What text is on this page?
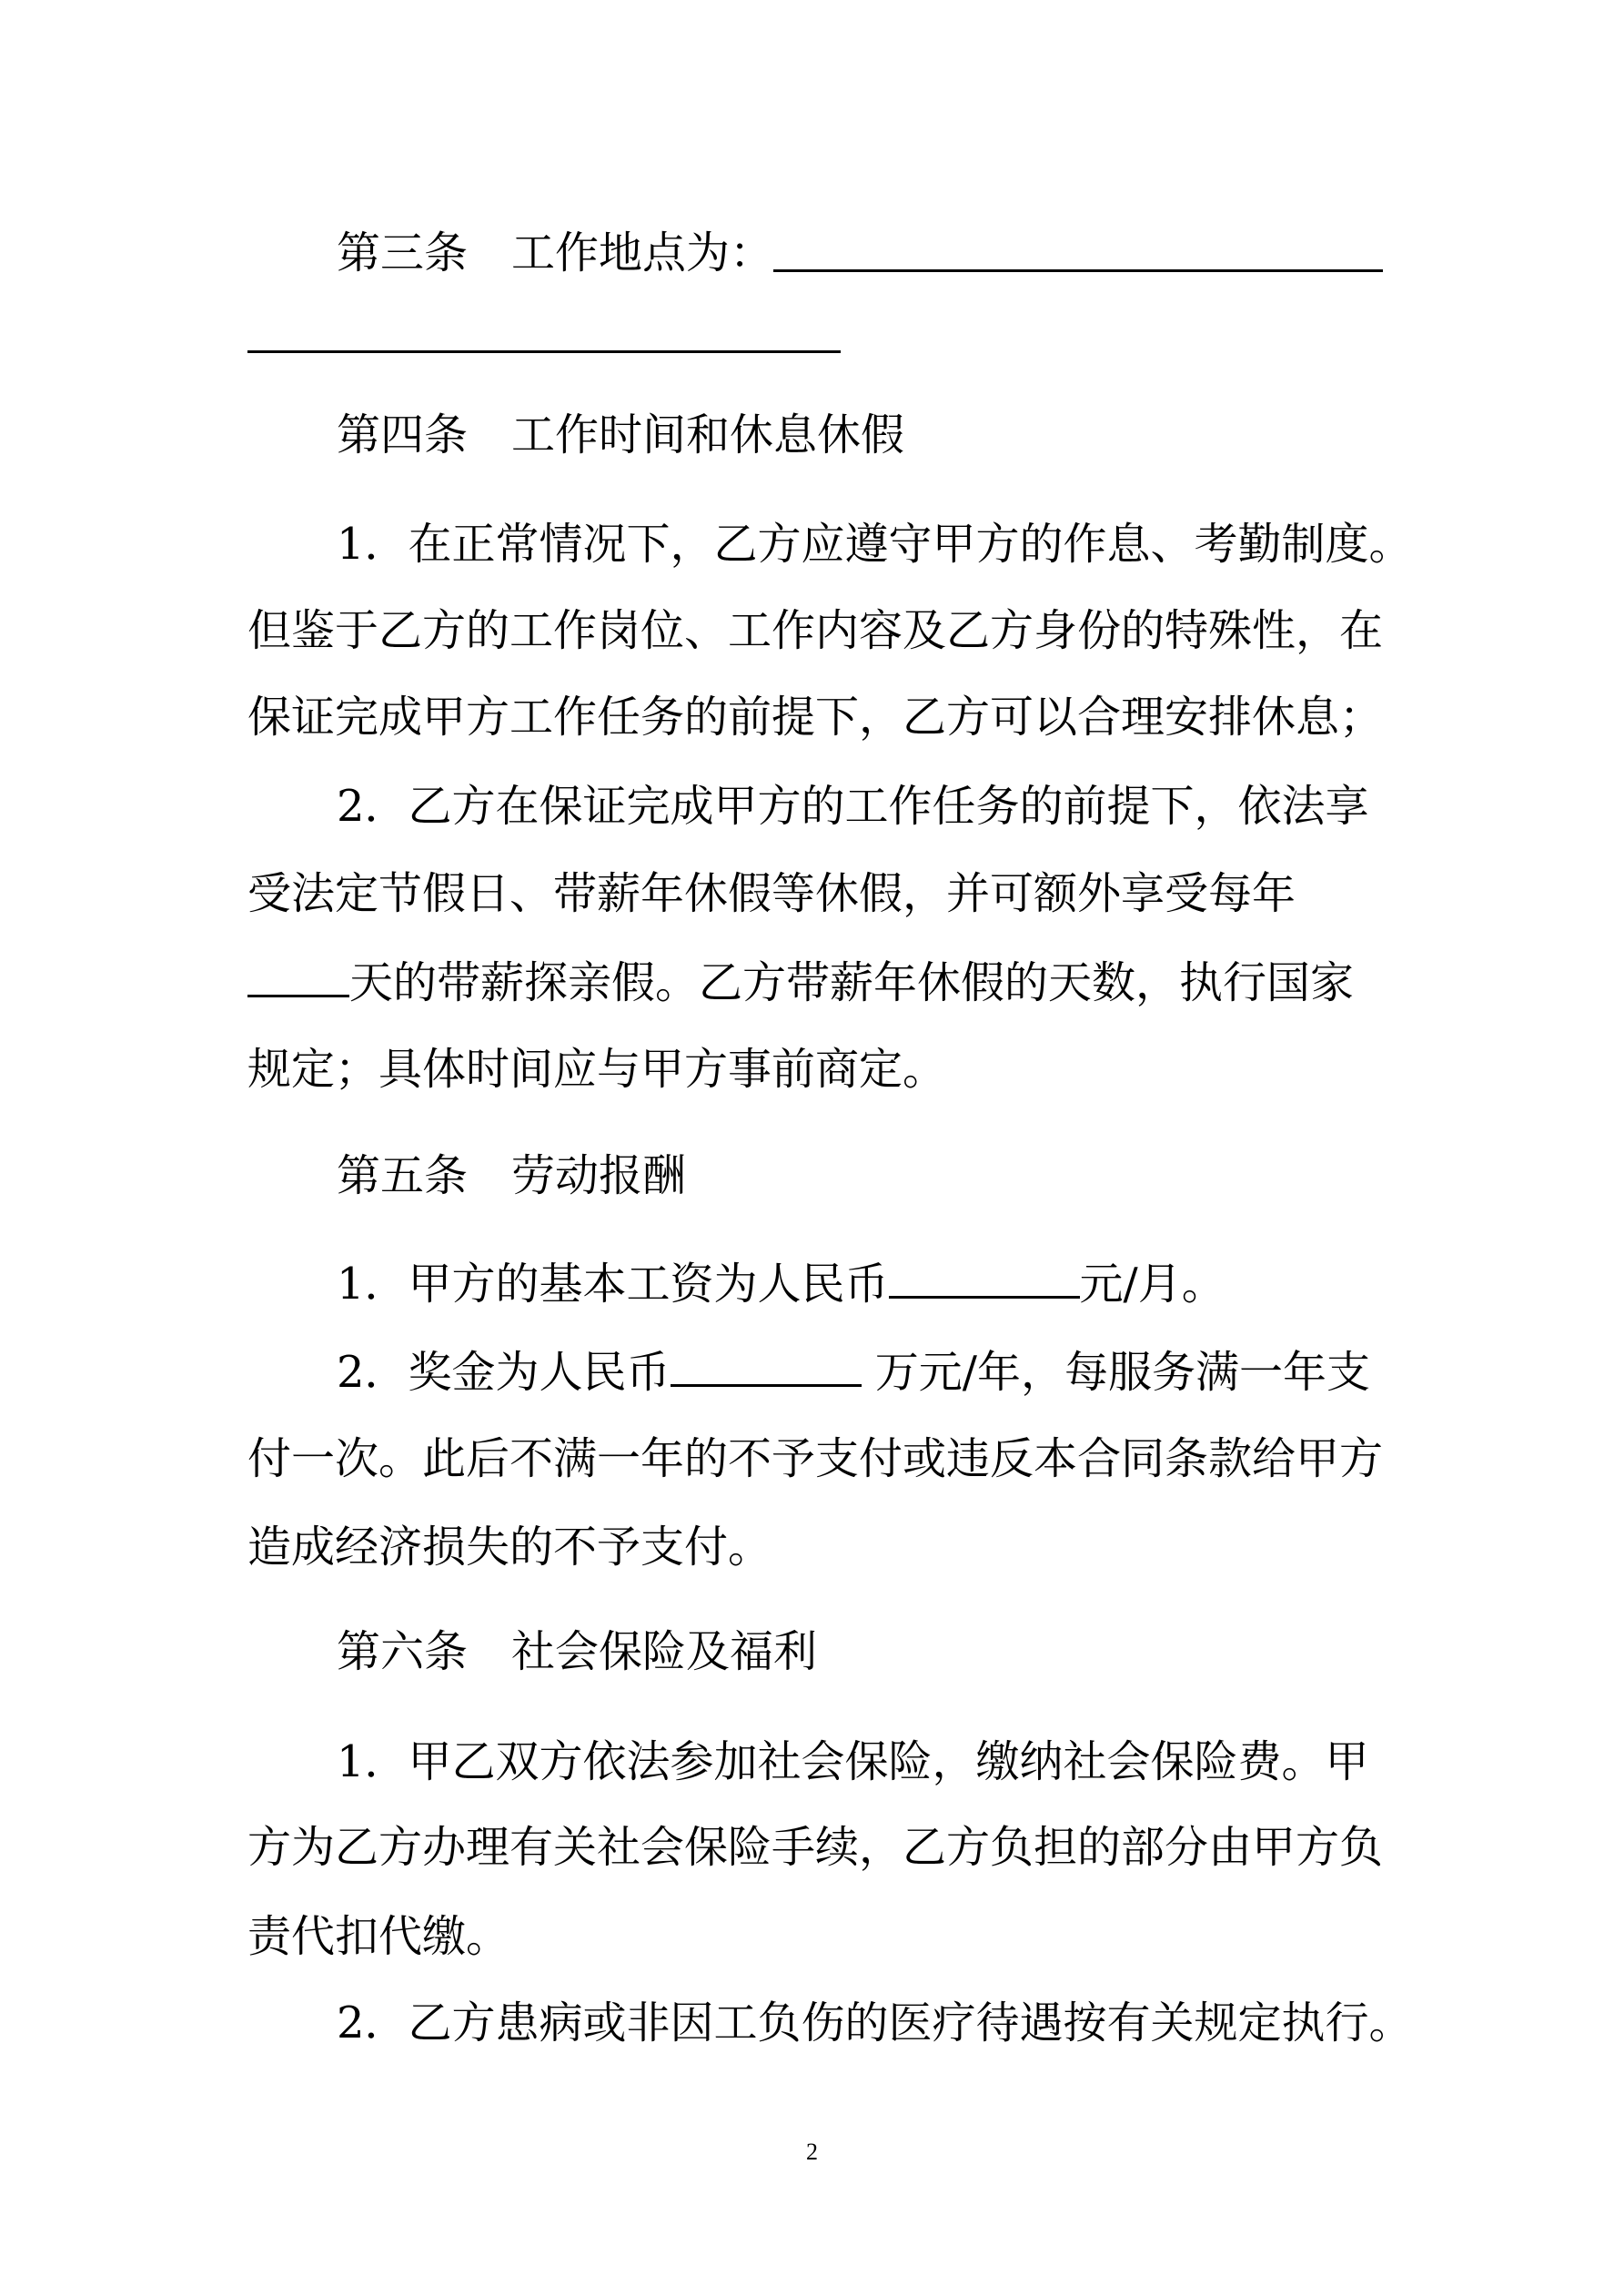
第三条 工作地点为：
第四条 工作时间和休息休假
1．在正常情况下，乙方应遵守甲方的作息、考勤制度。
但鉴于乙方的工作岗位、工作内容及乙方身份的特殊性，在
保证完成甲方工作任务的前提下，乙方可以合理安排休息；
2．乙方在保证完成甲方的工作任务的前提下，依法享
受法定节假日、带薪年休假等休假，并可额外享受每年
天的带薪探亲假。乙方带薪年休假的天数，执行国家
规定；具体时间应与甲方事前商定。
第五条 劳动报酬
1．甲方的基本工资为人民币	元/月。
2．奖金为人民币	万元/年，每服务满一年支
付一次。此后不满一年的不予支付或违反本合同条款给甲方
造成经济损失的不予支付。
第六条 社会保险及福利
1．甲乙双方依法参加社会保险，缴纳社会保险费。甲
方为乙方办理有关社会保险手续，乙方负担的部分由甲方负
责代扣代缴。
2．乙方患病或非因工负伤的医疗待遇按有关规定执行。
2
